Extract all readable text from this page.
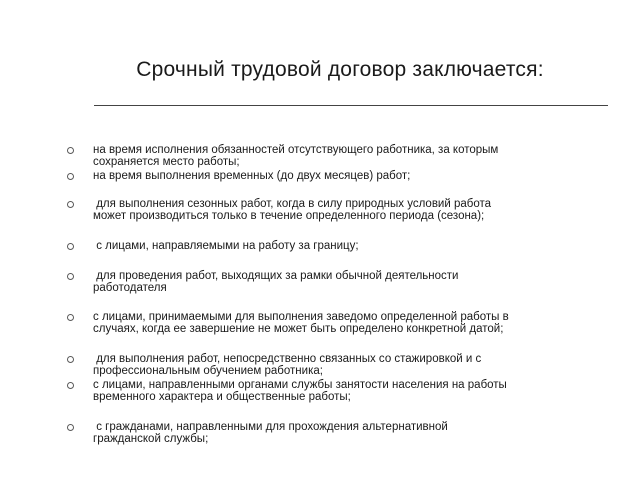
Срочный трудовой договор заключается:
на время исполнения обязанностей отсутствующего работника, за которым
сохраняется место работы;
на время выполнения временных (до двух месяцев) работ;
для выполнения сезонных работ, когда в силу природных условий работа
может производиться только в течение определенного периода (сезона);
с лицами, направляемыми на работу за границу;
для проведения работ, выходящих за рамки обычной деятельности
работодателя
с лицами, принимаемыми для выполнения заведомо определенной работы в
случаях, когда ее завершение не может быть определено конкретной датой;
для выполнения работ, непосредственно связанных со стажировкой и с
профессиональным обучением работника;
с лицами, направленными органами службы занятости населения на работы
временного характера и общественные работы;
с гражданами, направленными для прохождения альтернативной
гражданской службы;
